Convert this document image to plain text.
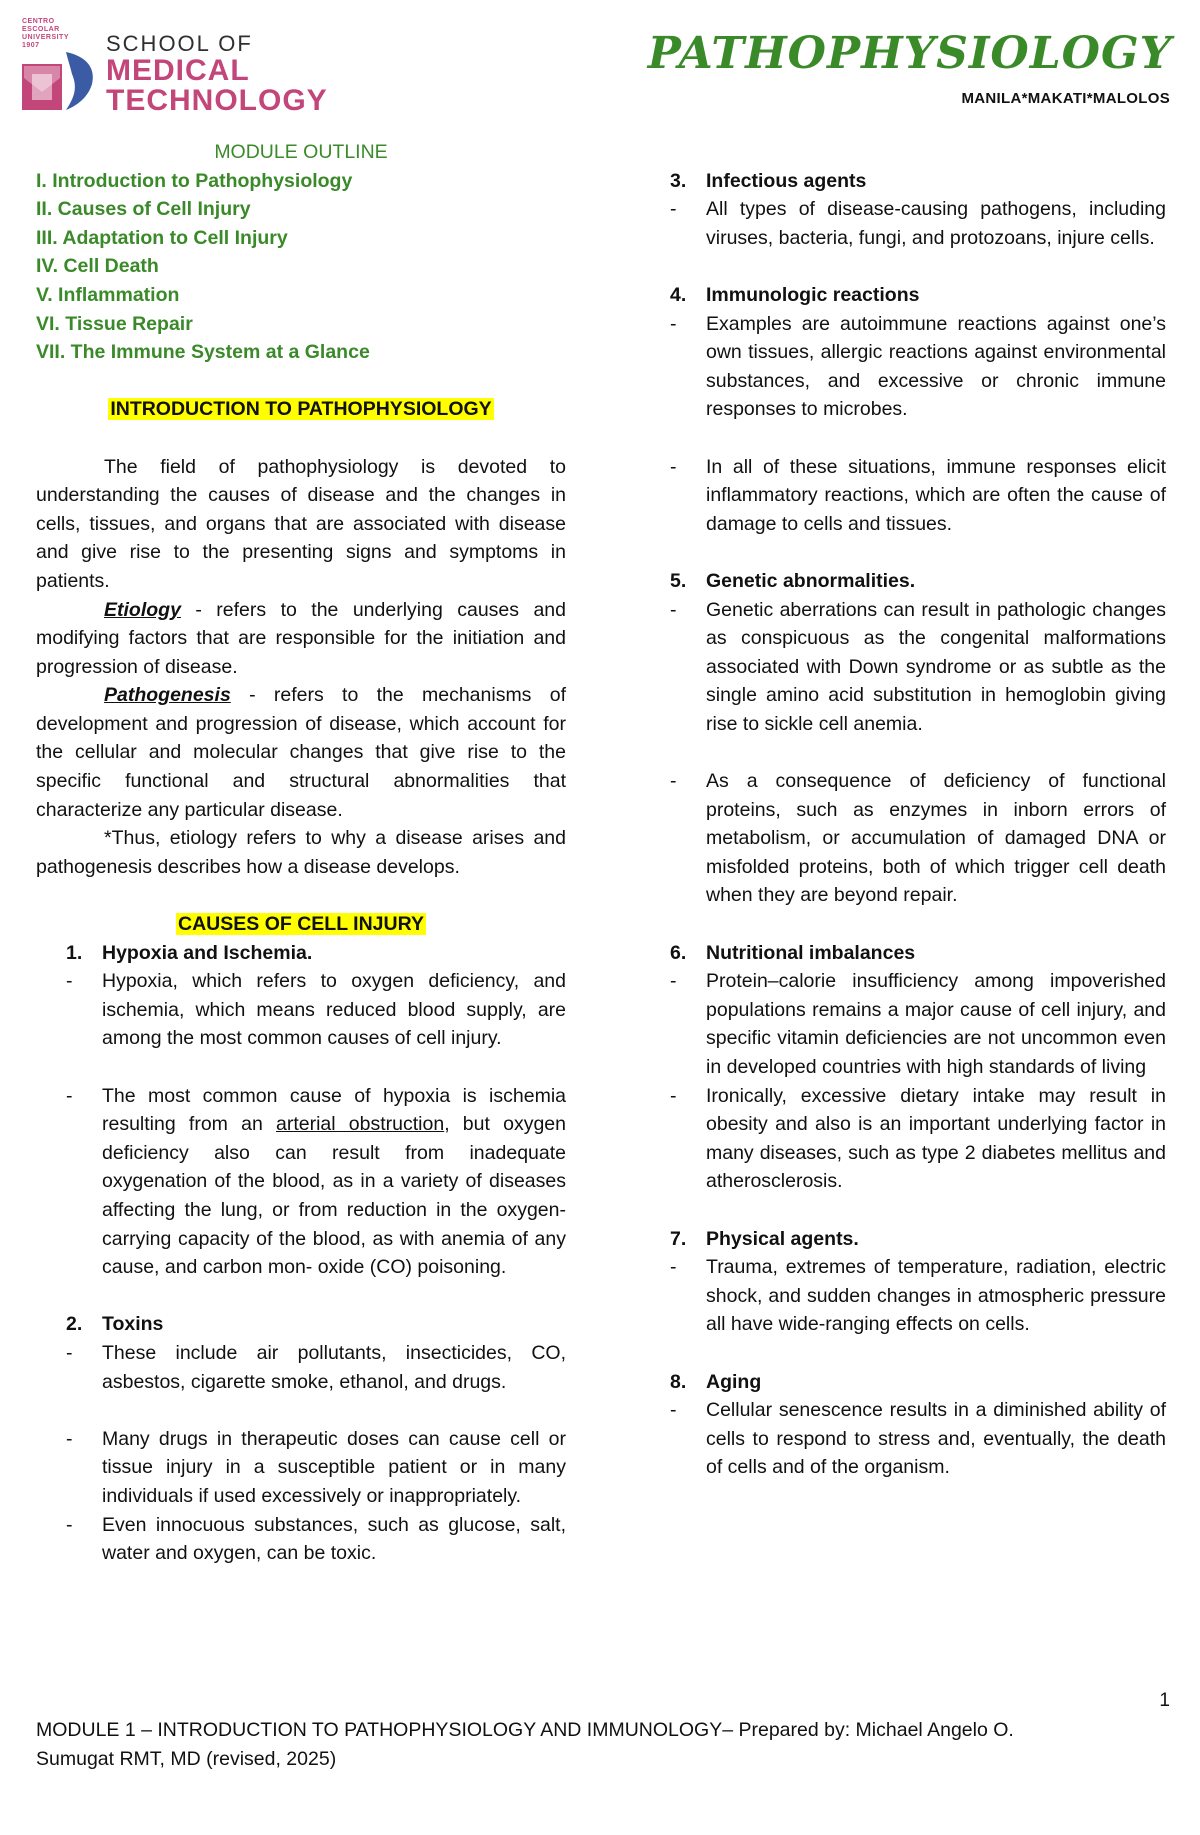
CENTRO
ESCOLAR
UNIVERSITY
1907	SCHOOL OF
MEDICAL
TECHNOLOGY
PATHOPHYSIOLOGY
MANILA*MAKATI*MALOLOS
MODULE OUTLINE
I. Introduction to Pathophysiology
II. Causes of Cell Injury
III. Adaptation to Cell Injury
IV. Cell Death
V. Inflammation
VI. Tissue Repair
VII. The Immune System at a Glance
INTRODUCTION TO PATHOPHYSIOLOGY
The field of pathophysiology is devoted to understanding the causes of disease and the changes in cells, tissues, and organs that are associated with disease and give rise to the presenting signs and symptoms in patients.
Etiology - refers to the underlying causes and modifying factors that are responsible for the initiation and progression of disease.
Pathogenesis - refers to the mechanisms of development and progression of disease, which account for the cellular and molecular changes that give rise to the specific functional and structural abnormalities that characterize any particular disease.
*Thus, etiology refers to why a disease arises and pathogenesis describes how a disease develops.
CAUSES OF CELL INJURY
1.	Hypoxia and Ischemia.
-	Hypoxia, which refers to oxygen deficiency, and ischemia, which means reduced blood supply, are among the most common causes of cell injury.
-	The most common cause of hypoxia is ischemia resulting from an arterial obstruction, but oxygen deficiency also can result from inadequate oxygenation of the blood, as in a variety of diseases affecting the lung, or from reduction in the oxygen-carrying capacity of the blood, as with anemia of any cause, and carbon mon- oxide (CO) poisoning.
2.	Toxins
-	These include air pollutants, insecticides, CO, asbestos, cigarette smoke, ethanol, and drugs.
-	Many drugs in therapeutic doses can cause cell or tissue injury in a susceptible patient or in many individuals if used excessively or inappropriately.
-	Even innocuous substances, such as glucose, salt, water and oxygen, can be toxic.
3.	Infectious agents
-	All types of disease-causing pathogens, including viruses, bacteria, fungi, and protozoans, injure cells.
4.	Immunologic reactions
-	Examples are autoimmune reactions against one’s own tissues, allergic reactions against environmental substances, and excessive or chronic immune responses to microbes.
-	In all of these situations, immune responses elicit inflammatory reactions, which are often the cause of damage to cells and tissues.
5.	Genetic abnormalities.
-	Genetic aberrations can result in pathologic changes as conspicuous as the congenital malformations associated with Down syndrome or as subtle as the single amino acid substitution in hemoglobin giving rise to sickle cell anemia.
-	As a consequence of deficiency of functional proteins, such as enzymes in inborn errors of metabolism, or accumulation of damaged DNA or misfolded proteins, both of which trigger cell death when they are beyond repair.
6.	Nutritional imbalances
-	Protein–calorie insufficiency among impoverished populations remains a major cause of cell injury, and specific vitamin deficiencies are not uncommon even in developed countries with high standards of living
-	Ironically, excessive dietary intake may result in obesity and also is an important underlying factor in many diseases, such as type 2 diabetes mellitus and atherosclerosis.
7.	Physical agents.
-	Trauma, extremes of temperature, radiation, electric shock, and sudden changes in atmospheric pressure all have wide-ranging effects on cells.
8.	Aging
-	Cellular senescence results in a diminished ability of cells to respond to stress and, eventually, the death of cells and of the organism.
1
MODULE 1 – INTRODUCTION TO PATHOPHYSIOLOGY AND IMMUNOLOGY– Prepared by: Michael Angelo O. Sumugat RMT, MD (revised, 2025)
